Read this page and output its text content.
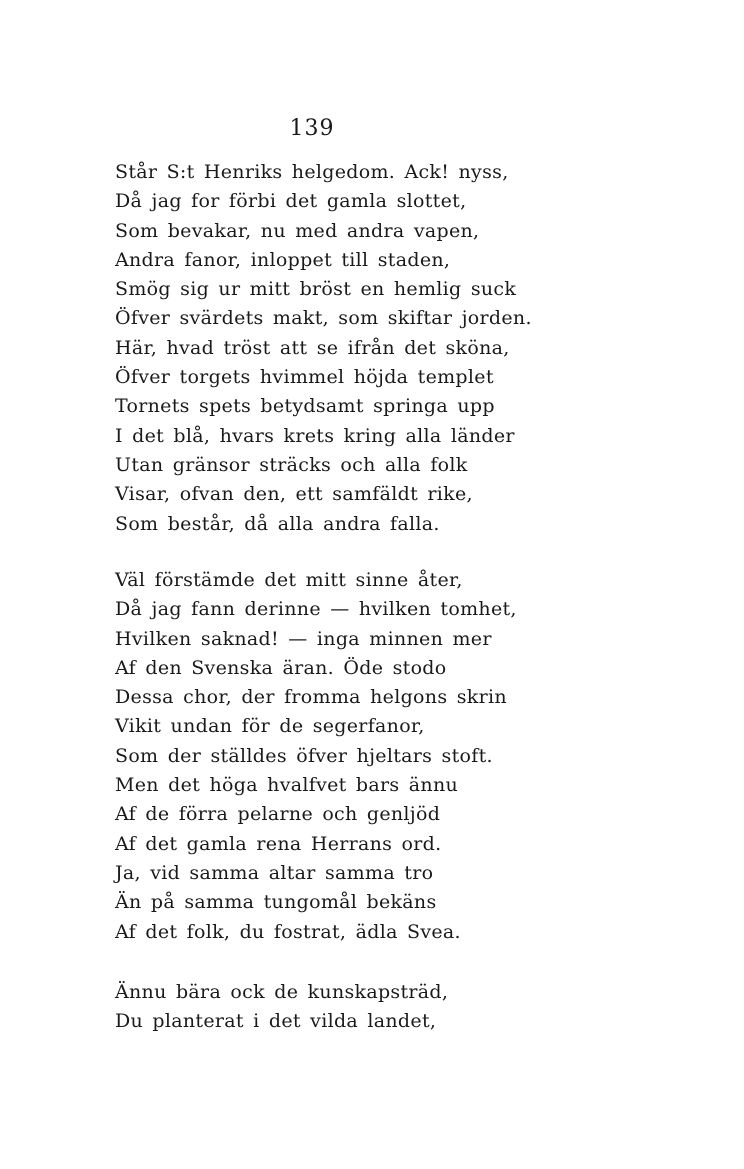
139
Står S:t Henriks helgedom. Ack! nyss,
Då jag for förbi det gamla slottet,
Som bevakar, nu med andra vapen,
Andra fanor, inloppet till staden,
Smög sig ur mitt bröst en hemlig suck
Öfver svärdets makt, som skiftar jorden.
Här, hvad tröst att se ifrån det sköna,
Öfver torgets hvimmel höjda templet
Tornets spets betydsamt springa upp
I det blå, hvars krets kring alla länder
Utan gränsor sträcks och alla folk
Visar, ofvan den, ett samfäldt rike,
Som består, då alla andra falla.
Väl förstämde det mitt sinne åter,
Då jag fann derinne — hvilken tomhet,
Hvilken saknad! — inga minnen mer
Af den Svenska äran. Öde stodo
Dessa chor, der fromma helgons skrin
Vikit undan för de segerfanor,
Som der ställdes öfver hjeltars stoft.
Men det höga hvalfvet bars ännu
Af de förra pelarne och genljöd
Af det gamla rena Herrans ord.
Ja, vid samma altar samma tro
Än på samma tungomål bekäns
Af det folk, du fostrat, ädla Svea.
Ännu bära ock de kunskapsträd,
Du planterat i det vilda landet,
